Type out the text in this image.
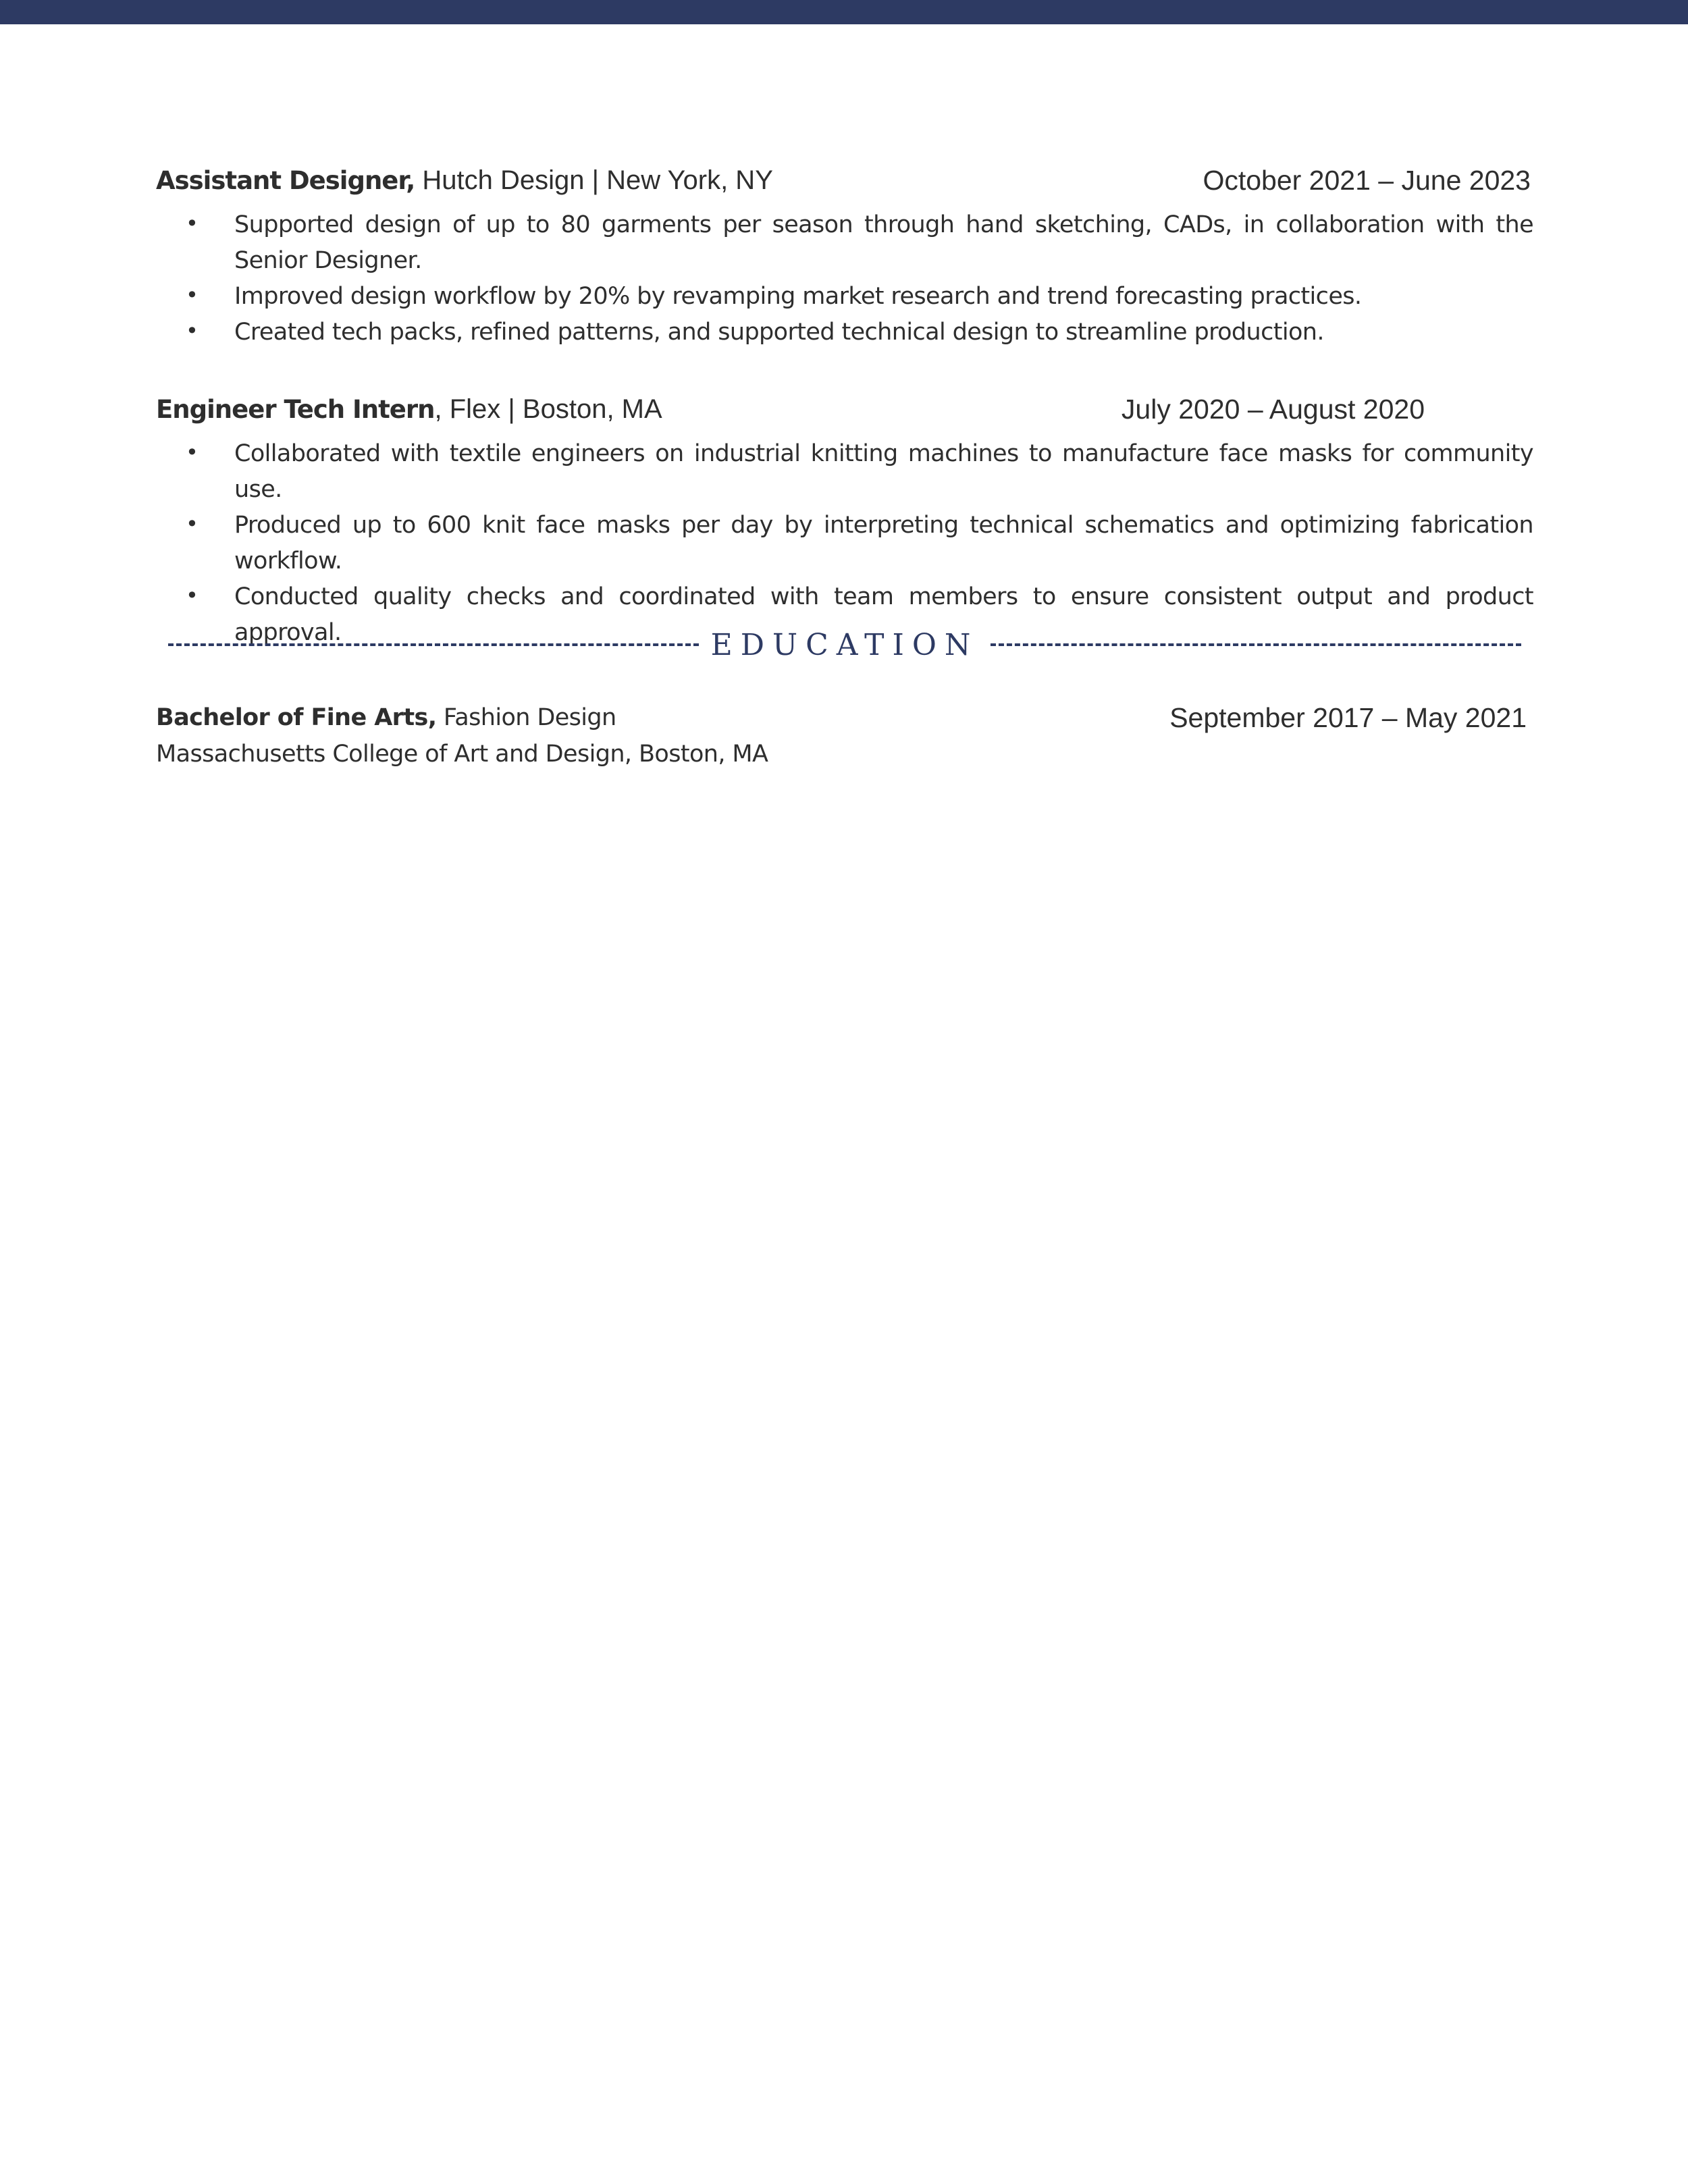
Assistant Designer, Hutch Design | New York, NY	October 2021 – June 2023
• Supported design of up to 80 garments per season through hand sketching, CADs, in collaboration with the Senior Designer.
• Improved design workflow by 20% by revamping market research and trend forecasting practices.
• Created tech packs, refined patterns, and supported technical design to streamline production.
Engineer Tech Intern, Flex | Boston, MA	July 2020 – August 2020
• Collaborated with textile engineers on industrial knitting machines to manufacture face masks for community use.
• Produced up to 600 knit face masks per day by interpreting technical schematics and optimizing fabrication workflow.
• Conducted quality checks and coordinated with team members to ensure consistent output and product approval.	EDUCATION
Bachelor of Fine Arts, Fashion Design	September 2017 – May 2021
Massachusetts College of Art and Design, Boston, MA
